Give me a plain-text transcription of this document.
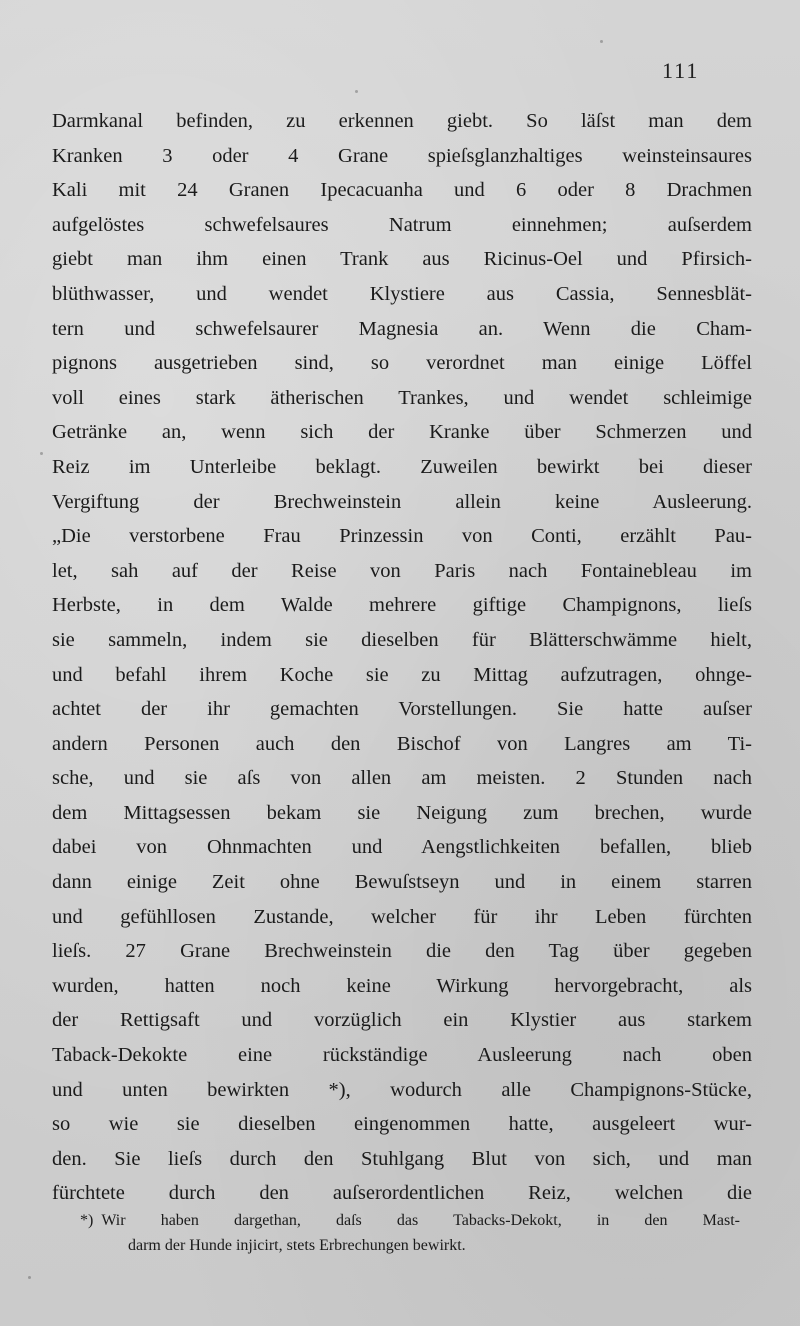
111
Darmkanal befinden, zu erkennen giebt. So läſst man dem
Kranken 3 oder 4 Grane spieſsglanzhaltiges weinsteinsaures
Kali mit 24 Granen Ipecacuanha und 6 oder 8 Drachmen
aufgelöstes schwefelsaures Natrum einnehmen; auſserdem
giebt man ihm einen Trank aus Ricinus-Oel und Pfirsich-
blüthwasser, und wendet Klystiere aus Cassia, Sennesblät-
tern und schwefelsaurer Magnesia an. Wenn die Cham-
pignons ausgetrieben sind, so verordnet man einige Löffel
voll eines stark ätherischen Trankes, und wendet schleimige
Getränke an, wenn sich der Kranke über Schmerzen und
Reiz im Unterleibe beklagt. Zuweilen bewirkt bei dieser
Vergiftung der Brechweinstein allein keine Ausleerung.
„Die verstorbene Frau Prinzessin von Conti, erzählt Pau-
let, sah auf der Reise von Paris nach Fontainebleau im
Herbste, in dem Walde mehrere giftige Champignons, lieſs
sie sammeln, indem sie dieselben für Blätterschwämme hielt,
und befahl ihrem Koche sie zu Mittag aufzutragen, ohnge-
achtet der ihr gemachten Vorstellungen. Sie hatte auſser
andern Personen auch den Bischof von Langres am Ti-
sche, und sie aſs von allen am meisten. 2 Stunden nach
dem Mittagsessen bekam sie Neigung zum brechen, wurde
dabei von Ohnmachten und Aengstlichkeiten befallen, blieb
dann einige Zeit ohne Bewuſstseyn und in einem starren
und gefühllosen Zustande, welcher für ihr Leben fürchten
lieſs. 27 Grane Brechweinstein die den Tag über gegeben
wurden, hatten noch keine Wirkung hervorgebracht, als
der Rettigsaft und vorzüglich ein Klystier aus starkem
Taback-Dekokte eine rückständige Ausleerung nach oben
und unten bewirkten *), wodurch alle Champignons-Stücke,
so wie sie dieselben eingenommen hatte, ausgeleert wur-
den. Sie lieſs durch den Stuhlgang Blut von sich, und man
fürchtete durch den auſserordentlichen Reiz, welchen die
*) Wir haben dargethan, daſs das Tabacks-Dekokt, in den Mast-
darm der Hunde injicirt, stets Erbrechungen bewirkt.
